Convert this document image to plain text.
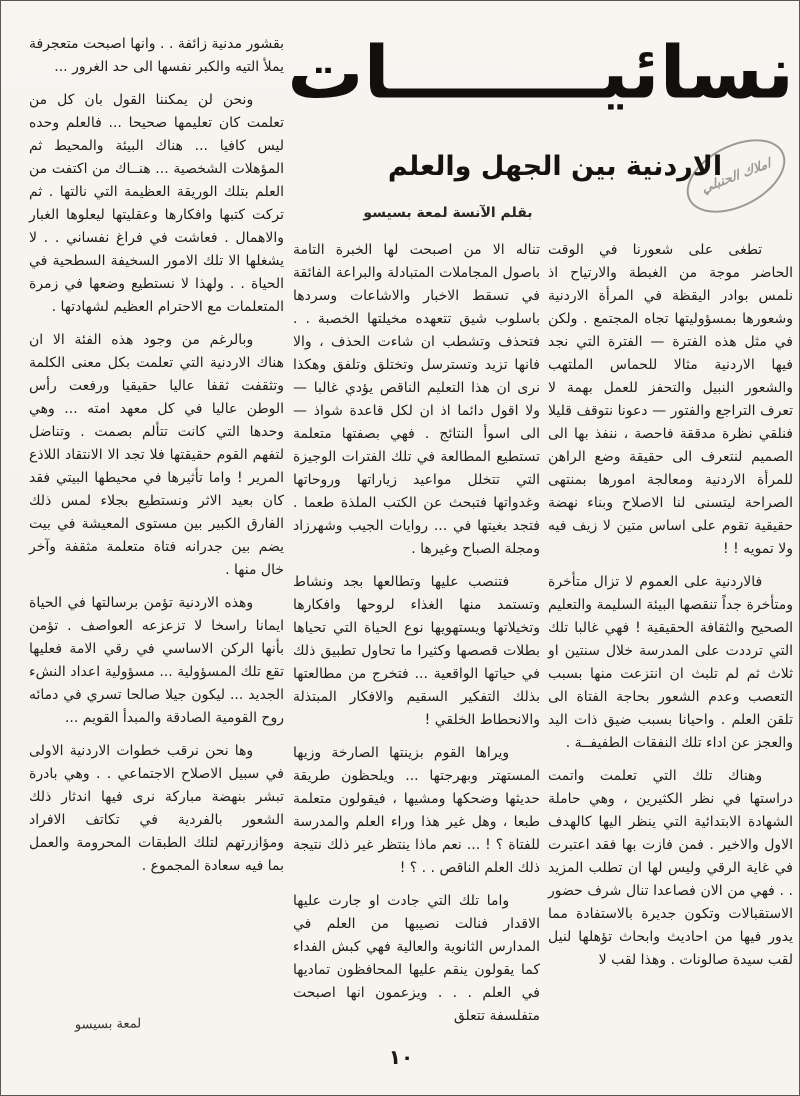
نسائيــــــــات
املاك الحنبلي
الاردنية بين الجهل والعلم
بقلم الآنسة لمعة بسيسو

تطغى على شعورنا في الوقت الحاضر موجة من الغبطة والارتياح اذ نلمس بوادر اليقظة في المرأة الاردنية وشعورها بمسؤوليتها تجاه المجتمع . ولكن في مثل هذه الفترة — الفترة التي نجد فيها الاردنية مثالا للحماس الملتهب والشعور النبيل والتحفز للعمل بهمة لا تعرف التراجع والفتور — دعونا نتوقف قليلا فنلقي نظرة مدققة فاحصة ، ننفذ بها الى الصميم لنتعرف الى حقيقة وضع الراهن للمرأة الاردنية ومعالجة امورها بمنتهى الصراحة ليتسنى لنا الاصلاح وبناء نهضة حقيقية تقوم على اساس متين لا زيف فيه ولا تمويه ! !

فالاردنية على العموم لا تزال متأخرة ومتأخرة جداً تنقصها البيئة السليمة والتعليم الصحيح والثقافة الحقيقية ! فهي غالبا تلك التي ترددت على المدرسة خلال سنتين او ثلاث ثم لم تلبث ان انتزعت منها بسبب التعصب وعدم الشعور بحاجة الفتاة الى تلقن العلم . واحيانا بسبب ضيق ذات اليد والعجز عن اداء تلك النفقات الطفيفــة .

وهناك تلك التي تعلمت واتمت دراستها في نظر الكثيرين ، وهي حاملة الشهادة الابتدائية التي ينظر اليها كالهدف الاول والاخير . فمن فازت بها فقد اعتبرت في غاية الرقي وليس لها ان تطلب المزيد . . فهي من الان فصاعدا تنال شرف حضور الاستقبالات وتكون جديرة بالاستفادة مما يدور فيها من احاديث وابحاث تؤهلها لنيل لقب سيدة صالونات . وهذا لقب لا

تناله الا من اصبحت لها الخبرة التامة باصول المجاملات المتبادلة والبراعة الفائقة في تسقط الاخبار والاشاعات وسردها باسلوب شيق تتعهده مخيلتها الخصبة . . فتحذف وتشطب ان شاءت الحذف ، والا فانها تزيد وتسترسل وتختلق وتلفق وهكذا نرى ان هذا التعليم الناقص يؤدي غالبا — ولا اقول دائما اذ ان لكل قاعدة شواذ — الى اسوأ النتائج . فهي بصفتها متعلمة تستطيع المطالعة في تلك الفترات الوجيزة التي تتخلل مواعيد زياراتها وروحاتها وغدواتها فتبحث عن الكتب الملذة طعما . فتجد بغيتها في ... روايات الجيب وشهرزاد ومجلة الصباح وغيرها .

فتنصب عليها وتطالعها بجد ونشاط وتستمد منها الغذاء لروحها وافكارها وتخيلاتها ويستهويها نوع الحياة التي تحياها بطلات قصصها وكثيرا ما تحاول تطبيق ذلك في حياتها الواقعية ... فتخرج من مطالعتها بذلك التفكير السقيم والافكار المبتذلة والانحطاط الخلقي !

ويراها القوم بزينتها الصارخة وزيها المستهتر وبهرجتها ... ويلحظون طريقة حديثها وضحكها ومشيها ، فيقولون متعلمة طبعا ، وهل غير هذا وراء العلم والمدرسة للفتاة ؟ ! ... نعم ماذا ينتظر غير ذلك نتيجة ذلك العلم الناقص . . ؟ !

واما تلك التي جادت او جارت عليها الاقدار فنالت نصيبها من العلم في المدارس الثانوية والعالية فهي كبش الفداء كما يقولون ينقم عليها المحافظون تماديها في العلم . . . ويزعمون انها اصبحت متفلسفة تتعلق

بقشور مدنية زائفة . . وانها اصبحت متعجرفة يملأ التيه والكبر نفسها الى حد الغرور ...

ونحن لن يمكننا القول بان كل من تعلمت كان تعليمها صحيحا ... فالعلم وحده ليس كافيا ... هناك البيئة والمحيط ثم المؤهلات الشخصية ... هنــاك من اكتفت من العلم بتلك الوريقة العظيمة التي نالتها . ثم تركت كتبها وافكارها وعقليتها ليعلوها الغبار والاهمال . فعاشت في فراغ نفساني . . لا يشغلها الا تلك الامور السخيفة السطحية في الحياة . . ولهذا لا نستطيع وضعها في زمرة المتعلمات مع الاحترام العظيم لشهادتها .

وبالرغم من وجود هذه الفئة الا ان هناك الاردنية التي تعلمت بكل معنى الكلمة وتثقفت ثقفا عاليا حقيقيا ورفعت رأس الوطن عاليا في كل معهد امته ... وهي وحدها التي كانت تتألم بصمت . وتناضل لتفهم القوم حقيقتها فلا تجد الا الانتقاد اللاذع المرير ! واما تأثيرها في محيطها البيتي فقد كان بعيد الاثر ونستطيع بجلاء لمس ذلك الفارق الكبير بين مستوى المعيشة في بيت يضم بين جدرانه فتاة متعلمة مثقفة وآخر خال منها .

وهذه الاردنية تؤمن برسالتها في الحياة ايمانا راسخا لا تزعزعه العواصف . تؤمن بأنها الركن الاساسي في رقي الامة فعليها تقع تلك المسؤولية ... مسؤولية اعداد النشء الجديد ... ليكون جيلا صالحا تسري في دمائه روح القومية الصادقة والمبدأ القويم ...

وها نحن نرقب خطوات الاردنية الاولى في سبيل الاصلاح الاجتماعي . . وهي بادرة تبشر بنهضة مباركة نرى فيها اندثار ذلك الشعور بالفردية في تكاتف الافراد ومؤازرتهم لتلك الطبقات المحرومة والعمل بما فيه سعادة المجموع .

لمعة بسيسو
١٠
